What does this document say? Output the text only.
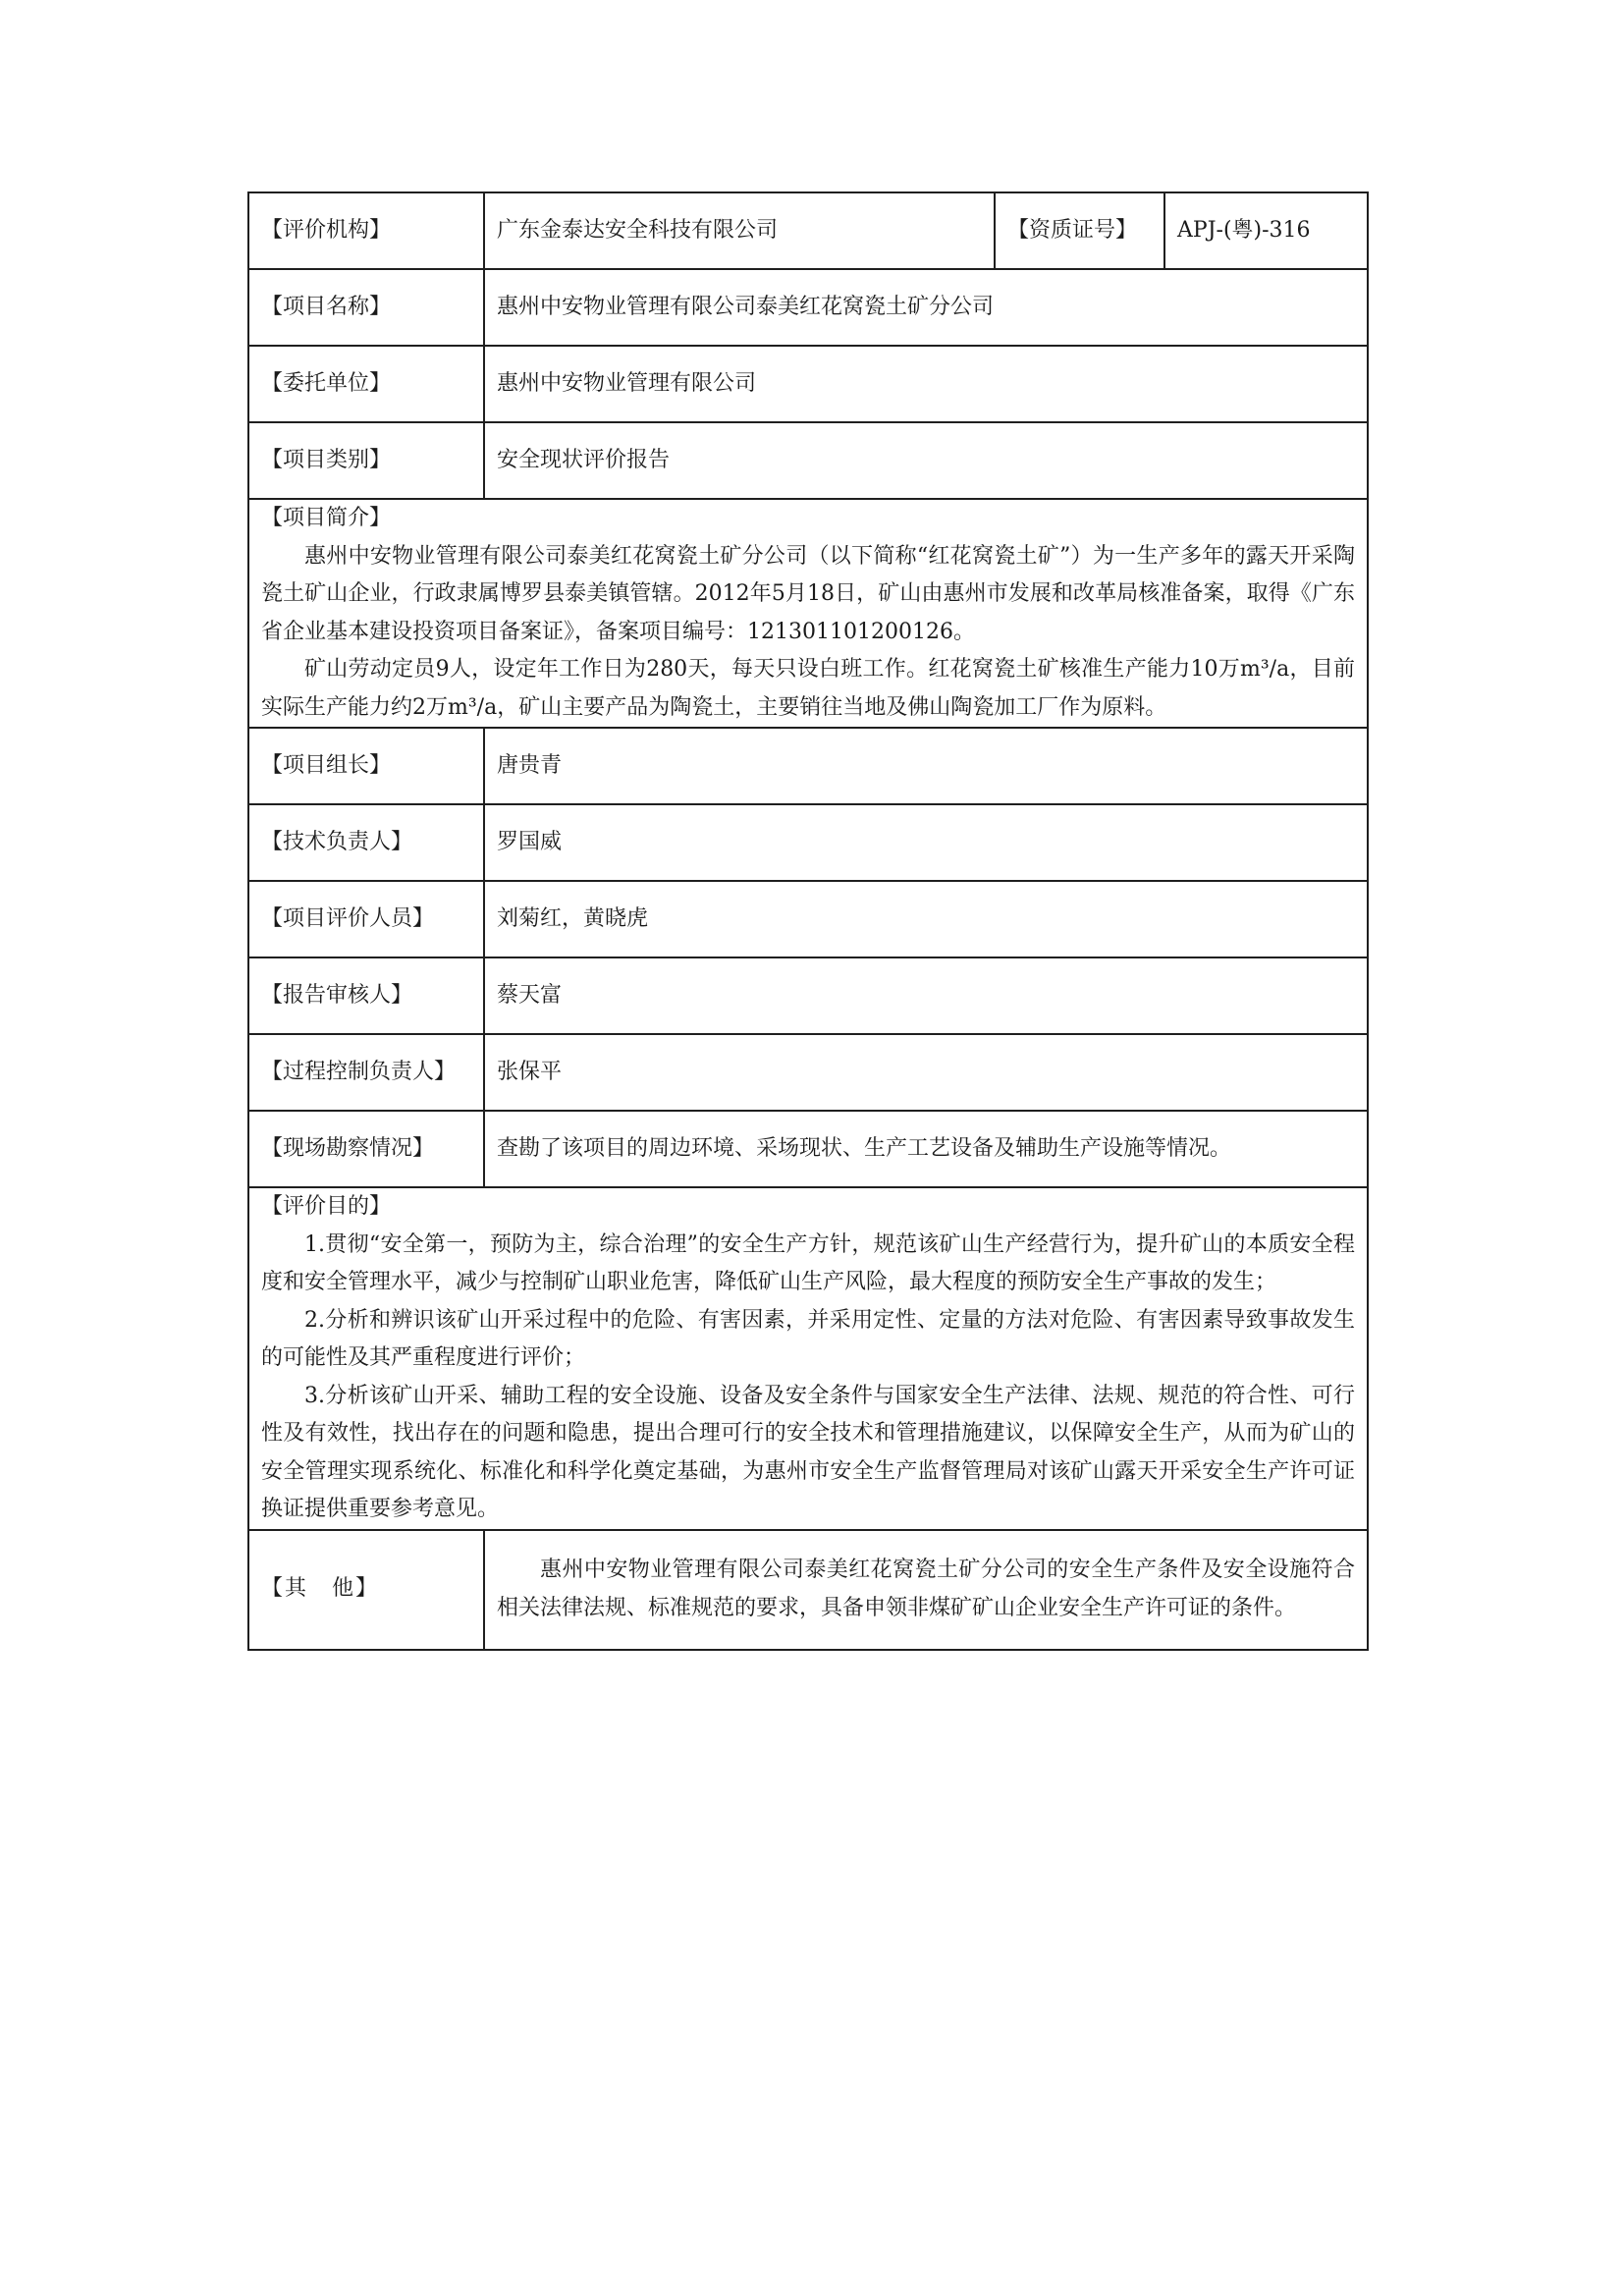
【评价机构】	广东金泰达安全科技有限公司	【资质证号】	APJ-(粤)-316
【项目名称】	惠州中安物业管理有限公司泰美红花窝瓷土矿分公司		
【委托单位】	惠州中安物业管理有限公司		
【项目类别】	安全现状评价报告		

【项目简介】

惠州中安物业管理有限公司泰美红花窝瓷土矿分公司（以下简称“红花窝瓷土矿”）为一生产多年的露天开采陶瓷土矿山企业，行政隶属博罗县泰美镇管辖。2012年5月18日，矿山由惠州市发展和改革局核准备案，取得《广东省企业基本建设投资项目备案证》，备案项目编号：121301101200126。

矿山劳动定员9人，设定年工作日为280天，每天只设白班工作。红花窝瓷土矿核准生产能力10万m³/a，目前实际生产能力约2万m³/a，矿山主要产品为陶瓷土，主要销往当地及佛山陶瓷加工厂作为原料。			

【项目组长】	唐贵青		
【技术负责人】	罗国威		
【项目评价人员】	刘菊红，黄晓虎		
【报告审核人】	蔡天富		
【过程控制负责人】	张保平		
【现场勘察情况】	查勘了该项目的周边环境、采场现状、生产工艺设备及辅助生产设施等情况。		

【评价目的】

1.贯彻“安全第一，预防为主，综合治理”的安全生产方针，规范该矿山生产经营行为，提升矿山的本质安全程度和安全管理水平，减少与控制矿山职业危害，降低矿山生产风险，最大程度的预防安全生产事故的发生；

2.分析和辨识该矿山开采过程中的危险、有害因素，并采用定性、定量的方法对危险、有害因素导致事故发生的可能性及其严重程度进行评价；

3.分析该矿山开采、辅助工程的安全设施、设备及安全条件与国家安全生产法律、法规、规范的符合性、可行性及有效性，找出存在的问题和隐患，提出合理可行的安全技术和管理措施建议，以保障安全生产，从而为矿山的安全管理实现系统化、标准化和科学化奠定基础，为惠州市安全生产监督管理局对该矿山露天开采安全生产许可证换证提供重要参考意见。			

【其　他】	惠州中安物业管理有限公司泰美红花窝瓷土矿分公司的安全生产条件及安全设施符合相关法律法规、标准规范的要求，具备申领非煤矿矿山企业安全生产许可证的条件。		
